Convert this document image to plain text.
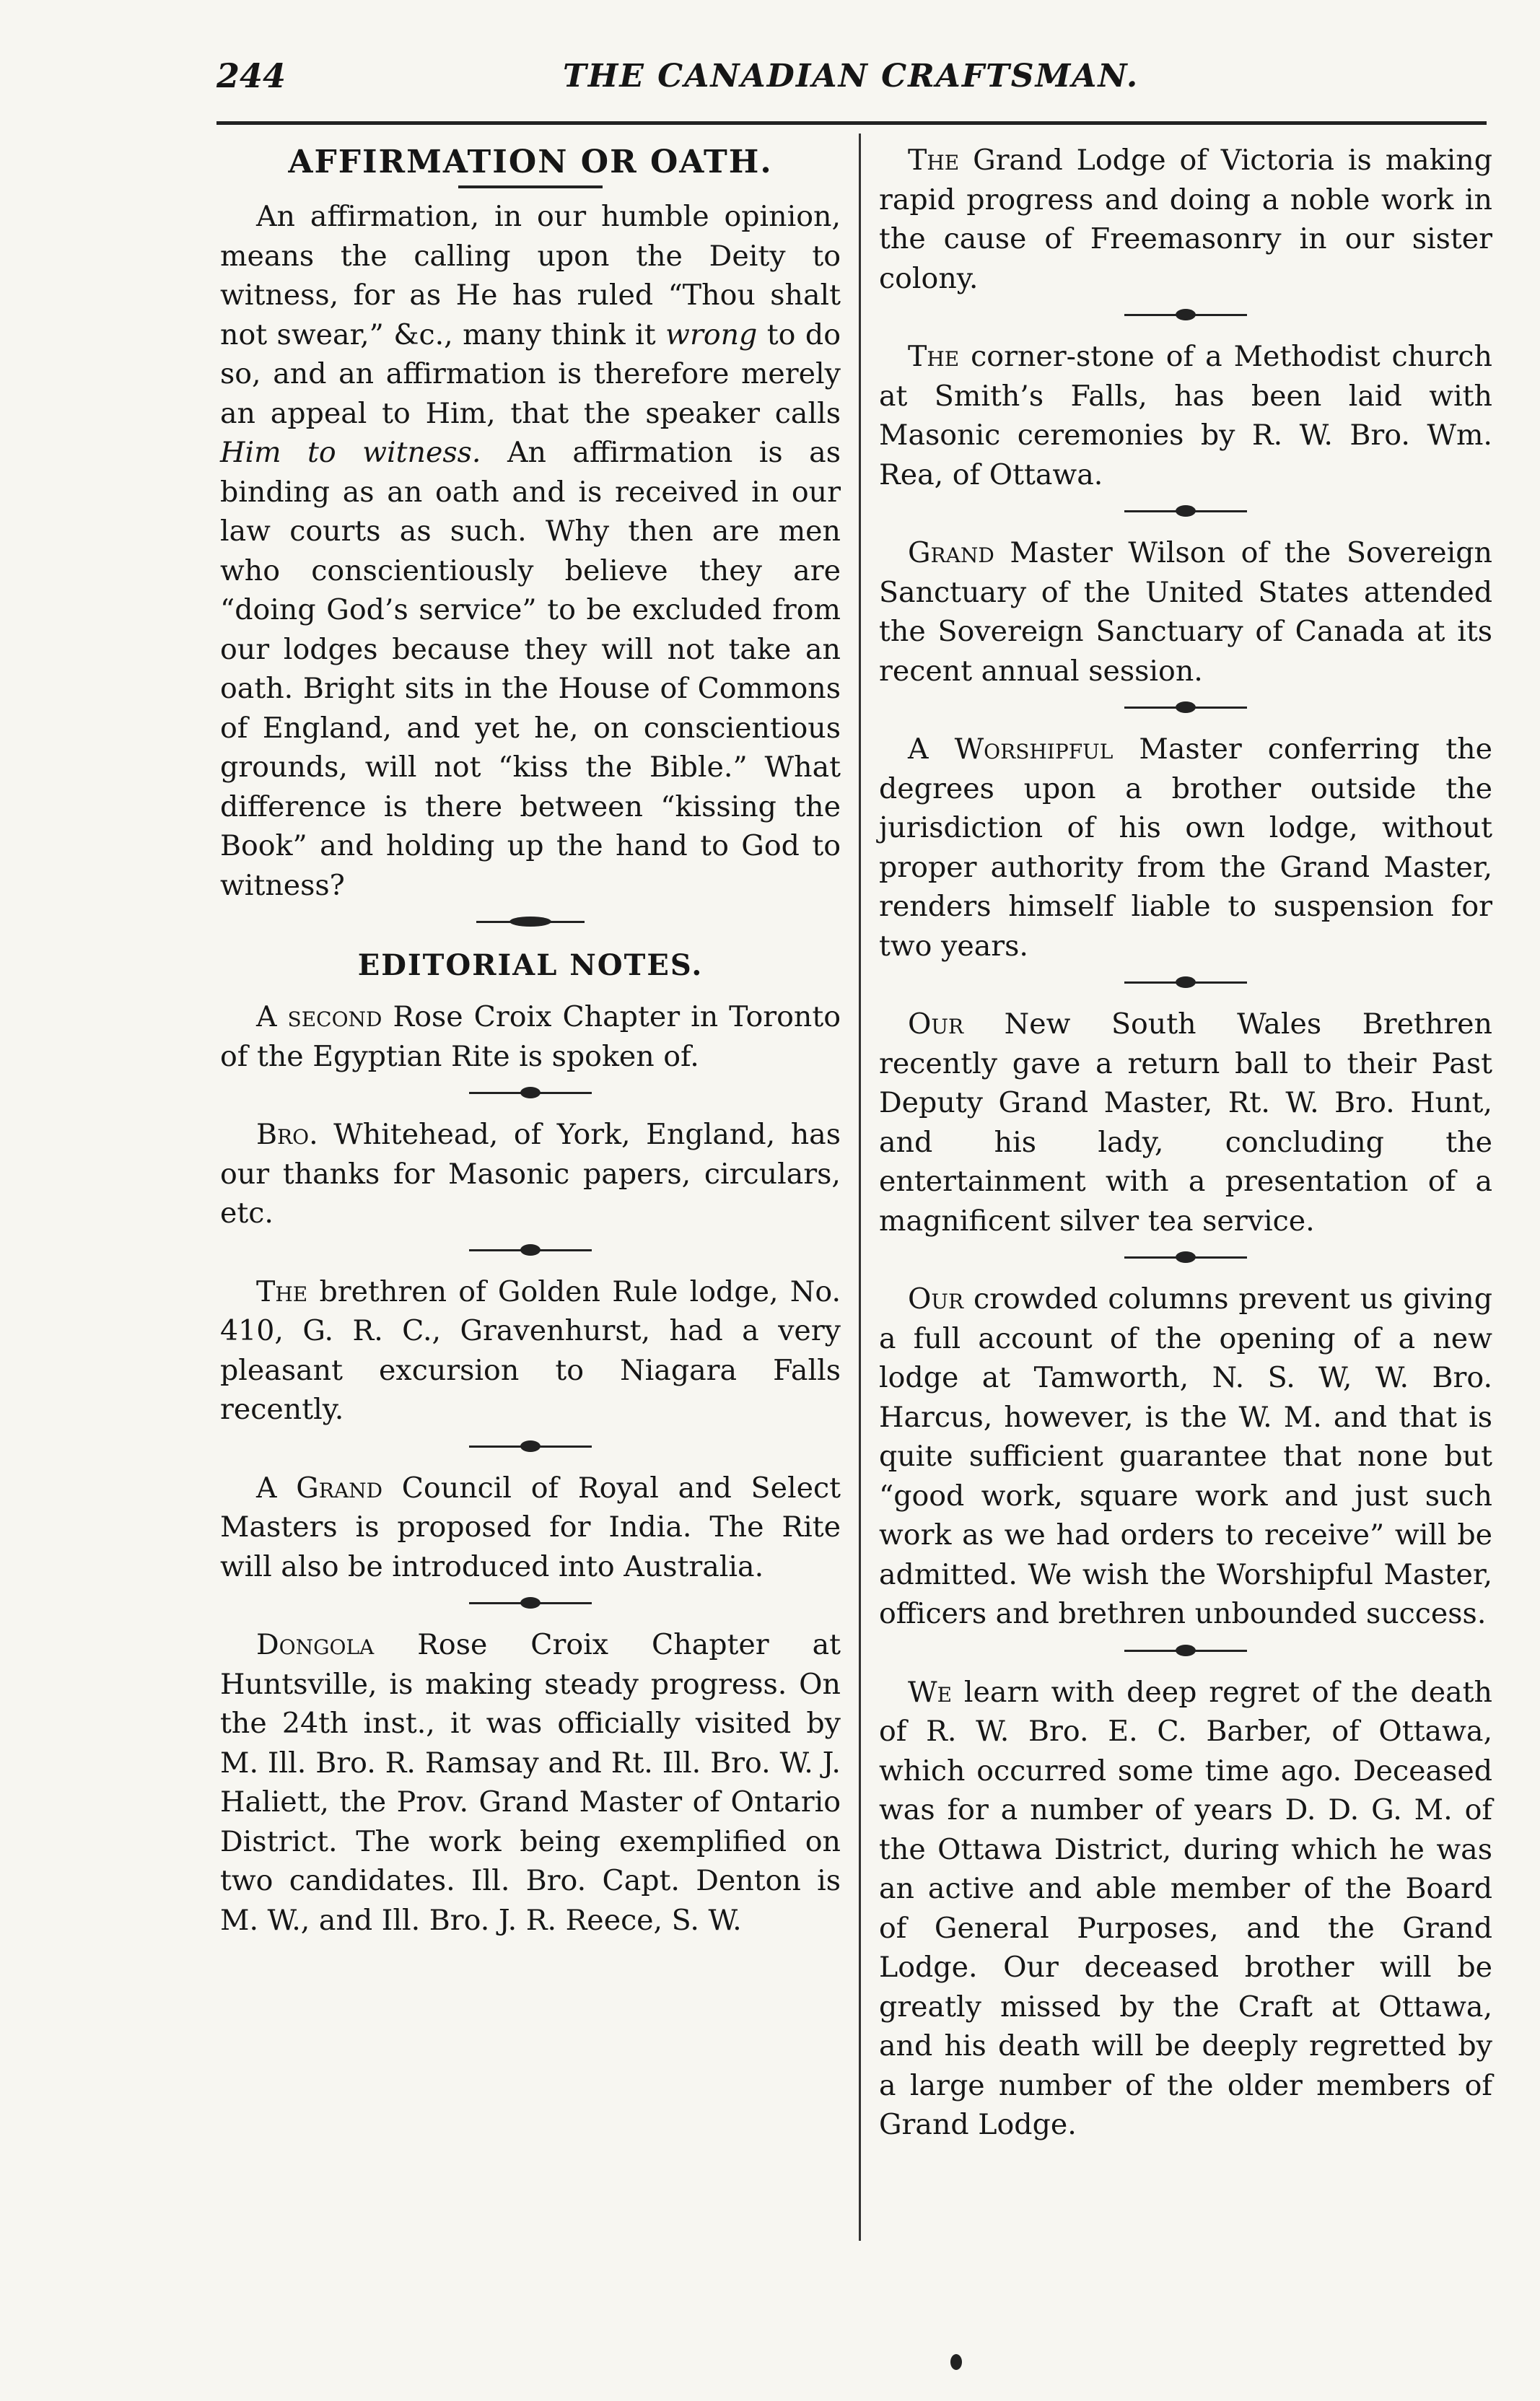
244	THE CANADIAN CRAFTSMAN.
AFFIRMATION OR OATH.

An affirmation, in our humble opinion, means the calling upon the Deity to witness, for as He has ruled “Thou shalt not swear,” &c., many think it wrong to do so, and an affirmation is therefore merely an appeal to Him, that the speaker calls Him to witness. An affirmation is as binding as an oath and is received in our law courts as such. Why then are men who conscientiously believe they are “doing God’s service” to be excluded from our lodges because they will not take an oath. Bright sits in the House of Commons of England, and yet he, on conscientious grounds, will not “kiss the Bible.” What difference is there between “kissing the Book” and holding up the hand to God to witness?

EDITORIAL NOTES.

A second Rose Croix Chapter in Toronto of the Egyptian Rite is spoken of.

Bro. Whitehead, of York, England, has our thanks for Masonic papers, circulars, etc.

The brethren of Golden Rule lodge, No. 410, G. R. C., Gravenhurst, had a very pleasant excursion to Niagara Falls recently.

A Grand Council of Royal and Select Masters is proposed for India. The Rite will also be introduced into Australia.

Dongola Rose Croix Chapter at Huntsville, is making steady progress. On the 24th inst., it was officially visited by M. Ill. Bro. R. Ramsay and Rt. Ill. Bro. W. J. Haliett, the Prov. Grand Master of Ontario District. The work being exemplified on two candidates. Ill. Bro. Capt. Denton is M. W., and Ill. Bro. J. R. Reece, S. W.

The Grand Lodge of Victoria is making rapid progress and doing a noble work in the cause of Freemasonry in our sister colony.

The corner-stone of a Methodist church at Smith’s Falls, has been laid with Masonic ceremonies by R. W. Bro. Wm. Rea, of Ottawa.

Grand Master Wilson of the Sovereign Sanctuary of the United States attended the Sovereign Sanctuary of Canada at its recent annual session.

A Worshipful Master conferring the degrees upon a brother outside the jurisdiction of his own lodge, without proper authority from the Grand Master, renders himself liable to suspension for two years.

Our New South Wales Brethren recently gave a return ball to their Past Deputy Grand Master, Rt. W. Bro. Hunt, and his lady, concluding the entertainment with a presentation of a magnificent silver tea service.

Our crowded columns prevent us giving a full account of the opening of a new lodge at Tamworth, N. S. W, W. Bro. Harcus, however, is the W. M. and that is quite sufficient guarantee that none but “good work, square work and just such work as we had orders to receive” will be admitted. We wish the Worshipful Master, officers and brethren unbounded success.

We learn with deep regret of the death of R. W. Bro. E. C. Barber, of Ottawa, which occurred some time ago. Deceased was for a number of years D. D. G. M. of the Ottawa District, during which he was an active and able member of the Board of General Purposes, and the Grand Lodge. Our deceased brother will be greatly missed by the Craft at Ottawa, and his death will be deeply regretted by a large number of the older members of Grand Lodge.
